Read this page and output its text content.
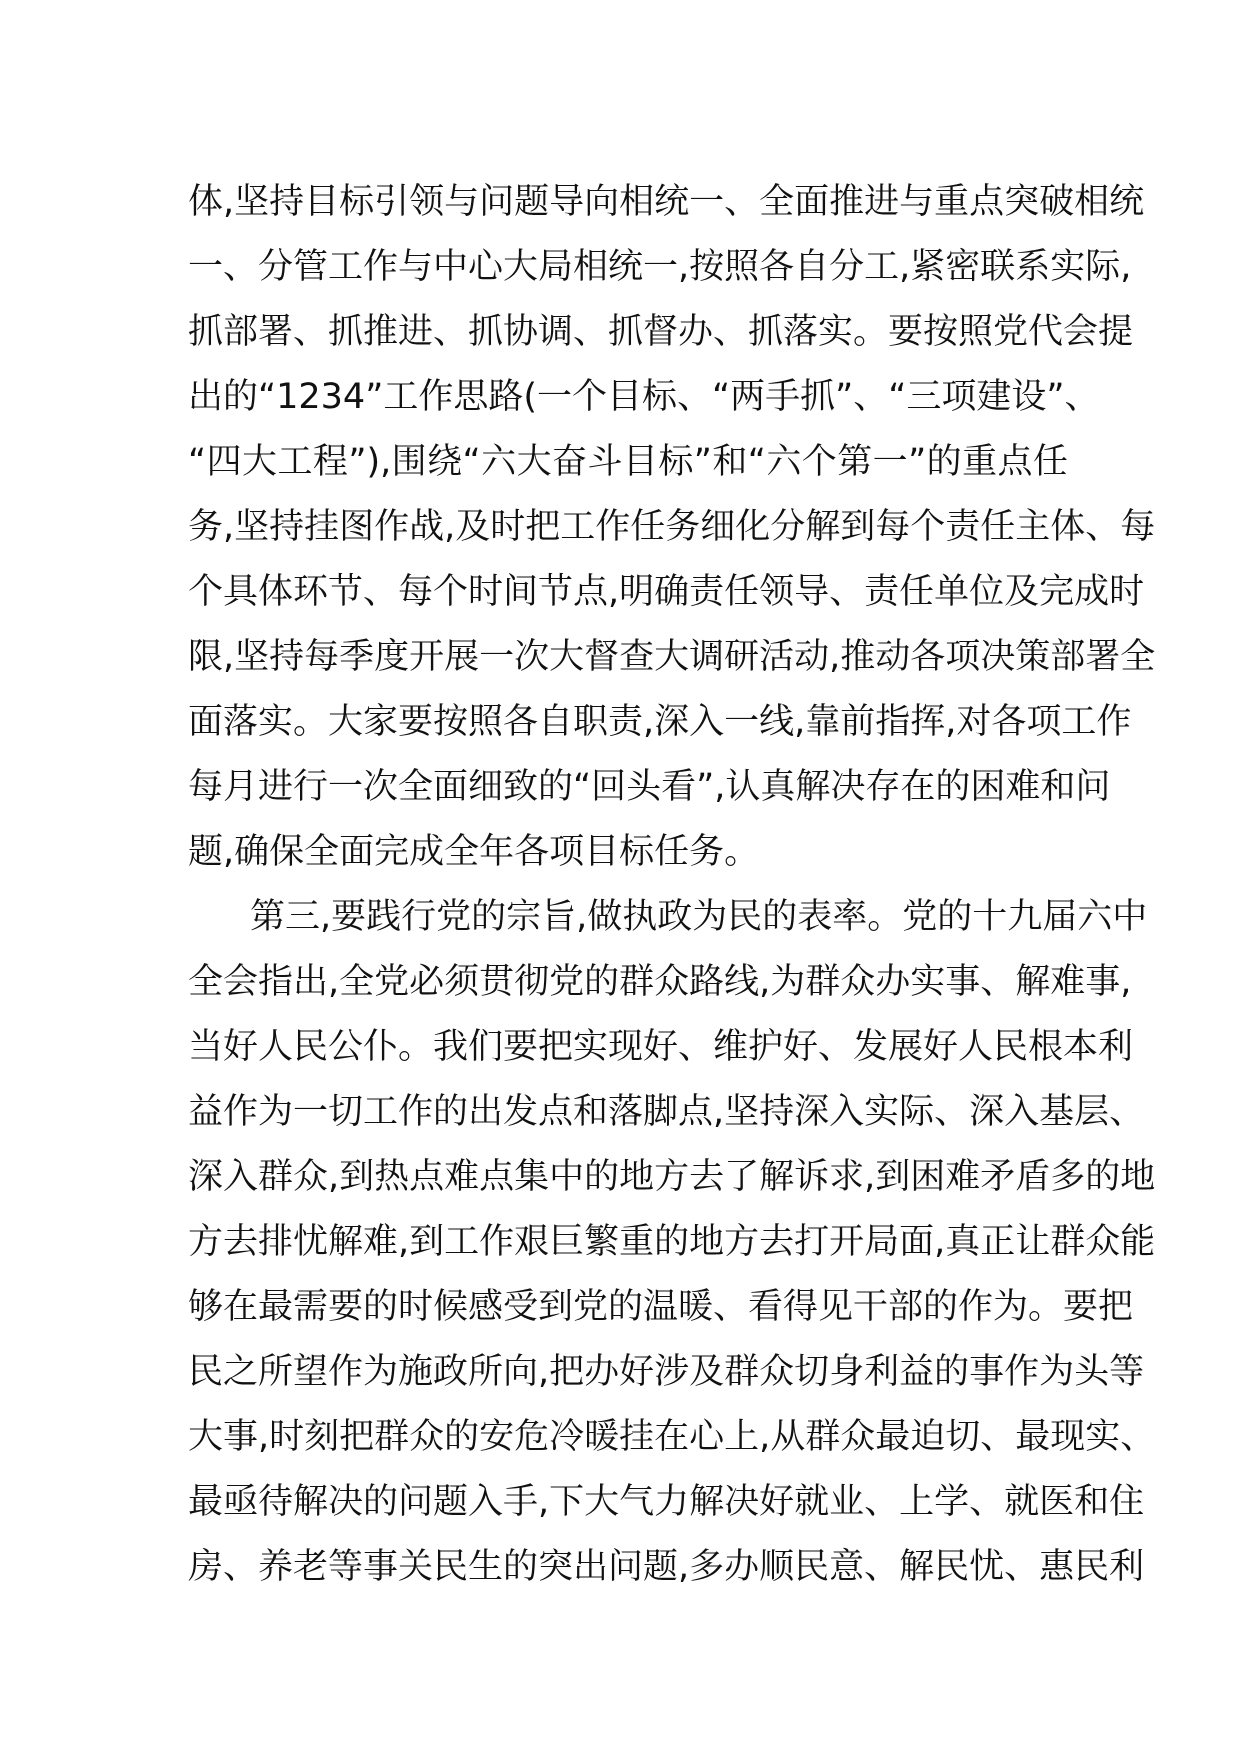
体,坚持目标引领与问题导向相统一、全面推进与重点突破相统
一、分管工作与中心大局相统一,按照各自分工,紧密联系实际,
抓部署、抓推进、抓协调、抓督办、抓落实。要按照党代会提
出的“1234”工作思路(一个目标、“两手抓”、“三项建设”、
“四大工程”),围绕“六大奋斗目标”和“六个第一”的重点任
务,坚持挂图作战,及时把工作任务细化分解到每个责任主体、每
个具体环节、每个时间节点,明确责任领导、责任单位及完成时
限,坚持每季度开展一次大督查大调研活动,推动各项决策部署全
面落实。大家要按照各自职责,深入一线,靠前指挥,对各项工作
每月进行一次全面细致的“回头看”,认真解决存在的困难和问
题,确保全面完成全年各项目标任务。
第三,要践行党的宗旨,做执政为民的表率。党的十九届六中
全会指出,全党必须贯彻党的群众路线,为群众办实事、解难事,
当好人民公仆。我们要把实现好、维护好、发展好人民根本利
益作为一切工作的出发点和落脚点,坚持深入实际、深入基层、
深入群众,到热点难点集中的地方去了解诉求,到困难矛盾多的地
方去排忧解难,到工作艰巨繁重的地方去打开局面,真正让群众能
够在最需要的时候感受到党的温暖、看得见干部的作为。要把
民之所望作为施政所向,把办好涉及群众切身利益的事作为头等
大事,时刻把群众的安危冷暖挂在心上,从群众最迫切、最现实、
最亟待解决的问题入手,下大气力解决好就业、上学、就医和住
房、养老等事关民生的突出问题,多办顺民意、解民忧、惠民利
